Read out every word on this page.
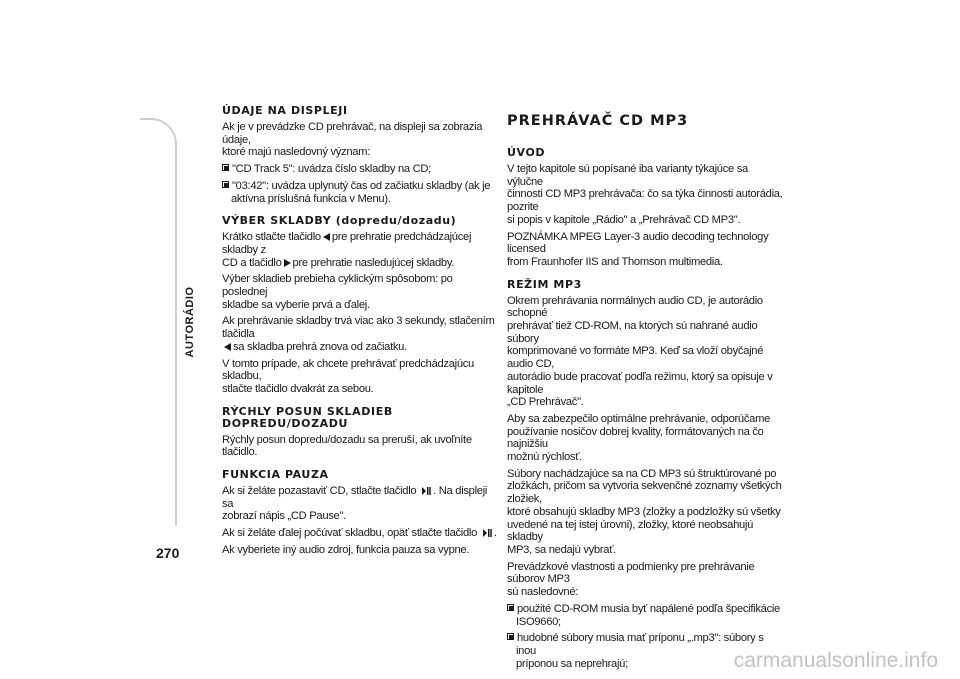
AUTORÁDIO
270
ÚDAJE NA DISPLEJI

Ak je v prevádzke CD prehrávač, na displeji sa zobrazia údaje,
ktoré majú nasledovný význam:

"CD Track 5": uvádza číslo skladby na CD;

"03:42": uvádza uplynutý čas od začiatku skladby (ak je
aktívna príslušná funkcia v Menu).

VÝBER SKLADBY (dopredu/dozadu)

Krátko stlačte tlačidlo pre prehratie predchádzajúcej skladby z
CD a tlačidlo pre prehratie nasledujúcej skladby.

Výber skladieb prebieha cyklickým spôsobom: po poslednej
skladbe sa vyberie prvá a ďalej.

Ak prehrávanie skladby trvá viac ako 3 sekundy, stlačením tlačidla
sa skladba prehrá znova od začiatku.

V tomto prípade, ak chcete prehrávať predchádzajúcu skladbu,
stlačte tlačidlo dvakrát za sebou.

RÝCHLY POSUN SKLADIEB
DOPREDU/DOZADU

Rýchly posun dopredu/dozadu sa preruší, ak uvoľníte tlačidlo.

FUNKCIA PAUZA

Ak si želáte pozastaviť CD, stlačte tlačidlo . Na displeji sa
zobrazí nápis „CD Pause".

Ak si želáte ďalej počúvať skladbu, opäť stlačte tlačidlo .

Ak vyberiete iný audio zdroj, funkcia pauza sa vypne.

PREHRÁVAČ CD MP3
ÚVOD

V tejto kapitole sú popísané iba varianty týkajúce sa výlučne
činnosti CD MP3 prehrávača: čo sa týka činnosti autorádia, pozrite
si popis v kapitole „Rádio" a „Prehrávač CD MP3".

POZNÁMKA MPEG Layer-3 audio decoding technology licensed
from Fraunhofer IIS and Thomson multimedia.

REŽIM MP3

Okrem prehrávania normálnych audio CD, je autorádio schopné
prehrávať tiež CD-ROM, na ktorých sú nahrané audio súbory
komprimované vo formáte MP3. Keď sa vloží obyčajné audio CD,
autorádio bude pracovať podľa režimu, ktorý sa opisuje v kapitole
„CD Prehrávač".

Aby sa zabezpečilo optimálne prehrávanie, odporúčame
používanie nosičov dobrej kvality, formátovaných na čo najnižšiu
možnú rýchlosť.

Súbory nachádzajúce sa na CD MP3 sú štruktúrované po
zložkách, pričom sa vytvoria sekvenčné zoznamy všetkých zložiek,
ktoré obsahujú skladby MP3 (zložky a podzložky sú všetky
uvedené na tej istej úrovni), zložky, ktoré neobsahujú skladby
MP3, sa nedajú vybrať.

Prevádzkové vlastnosti a podmienky pre prehrávanie súborov MP3
sú nasledovné:

použité CD-ROM musia byť napálené podľa špecifikácie
ISO9660;

hudobné súbory musia mať príponu „.mp3": súbory s inou
príponou sa neprehrajú;	carmanualsonline.info
